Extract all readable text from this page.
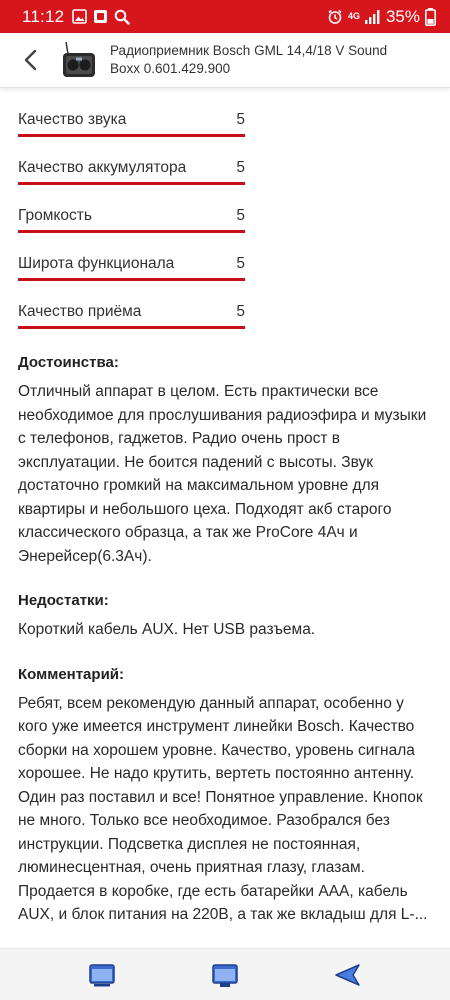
11:12	4G 35%
Радиоприемник Bosch GML 14,4/18 V Sound Boxx 0.601.429.900
Качество звука	5
Качество аккумулятора	5
Громкость	5
Широта функционала	5
Качество приёма	5
Достоинства:
Отличный аппарат в целом. Есть практически все необходимое для прослушивания радиоэфира и музыки с телефонов, гаджетов. Радио очень прост в эксплуатации. Не боится падений с высоты. Звук достаточно громкий на максимальном уровне для квартиры и небольшого цеха. Подходят акб старого классического образца, а так же ProCore 4Ач и Энерейсер(6.3Ач).
Недостатки:
Короткий кабель AUX. Нет USB разъема.
Комментарий:
Ребят, всем рекомендую данный аппарат, особенно у кого уже имеется инструмент линейки Bosch. Качество сборки на хорошем уровне. Качество, уровень сигнала хорошее. Не надо крутить, вертеть постоянно антенну. Один раз поставил и все! Понятное управление. Кнопок не много. Только все необходимое. Разобрался без инструкции. Подсветка дисплея не постоянная, люминесцентная, очень приятная глазу, глазам. Продается в коробке, где есть батарейки ААА, кабель AUX, и блок питания на 220В, а так же вкладыш для L-...
